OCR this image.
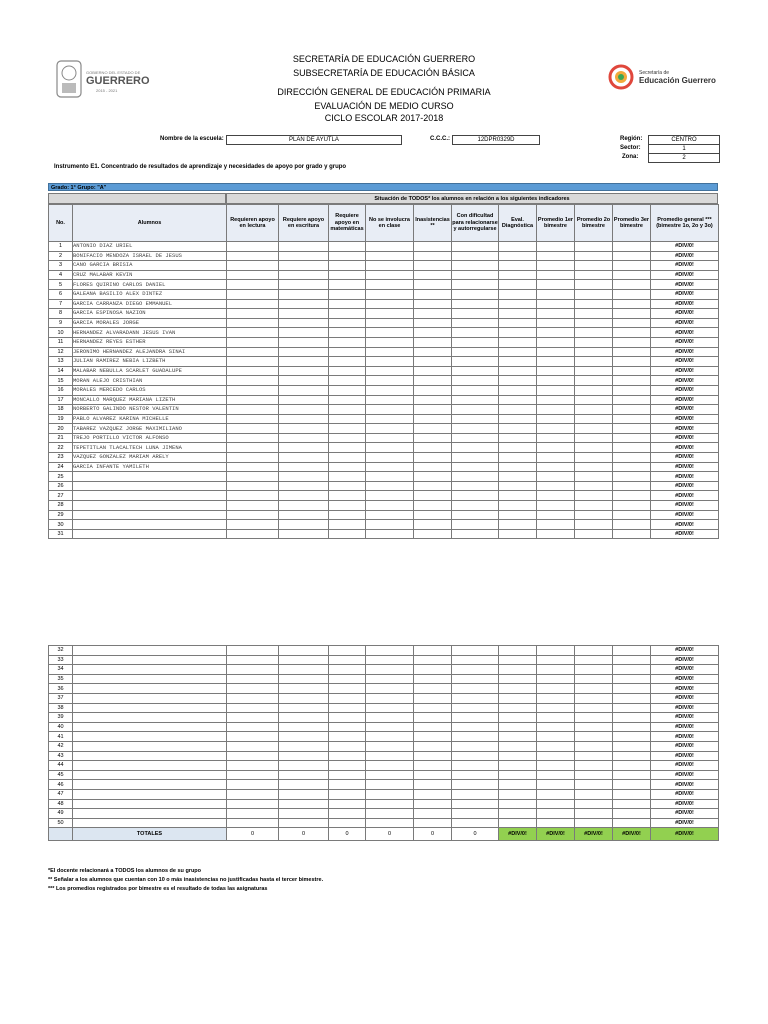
SECRETARÍA DE EDUCACIÓN GUERRERO
SUBSECRETARÍA DE EDUCACIÓN BÁSICA
DIRECCIÓN GENERAL DE EDUCACIÓN PRIMARIA
EVALUACIÓN DE MEDIO CURSO
CICLO ESCOLAR 2017-2018
GOBIERNO DEL ESTADO DE
GUERRERO
2015 - 2021
Secretaría de
Educación Guerrero
Nombre de la escuela:	PLAN DE AYUTLA	C.C.C.:	12DPR0329D	Región:	CENTRO
Sector:	1
Zona:	2
Instrumento E1. Concentrado de resultados de aprendizaje y necesidades de apoyo por grado y grupo
Grado: 1° Grupo: "A"
Situación de TODOS* los alumnos en relación a los siguientes indicadores
No.	Alumnos	Requieren apoyo en lectura	Requiere apoyo en escritura	Requiere apoyo en matemáticas	No se involucra en clase	Inasistencias **	Con dificultad para relacionarse y autorregularse	Eval. Diagnóstica	Promedio 1er bimestre	Promedio 2o bimestre	Promedio 3er bimestre	Promedio general *** (bimestre 1o, 2o y 3o)
1	ANTONIO DIAZ URIEL											#DIV/0!
2	BONIFACIO MENDOZA ISRAEL DE JESUS											#DIV/0!
3	CANO GARCIA BRISIA											#DIV/0!
4	CRUZ MALABAR KEVIN											#DIV/0!
5	FLORES QUIRINO CARLOS DANIEL											#DIV/0!
6	GALEANA BASILIO ALEX DINTEZ											#DIV/0!
7	GARCIA CARRANZA DIEGO EMMANUEL											#DIV/0!
8	GARCIA ESPINOSA NAZION											#DIV/0!
9	GARCIA MORALES JORGE											#DIV/0!
10	HERNANDEZ ALVARADANN JESUS IVAN											#DIV/0!
11	HERNANDEZ REYES ESTHER											#DIV/0!
12	JERONIMO HERNANDEZ ALEJANDRA SINAI											#DIV/0!
13	JULIAN RAMIREZ NEBIA LIZBETH											#DIV/0!
14	MALABAR NEBULLA SCARLET GUADALUPE											#DIV/0!
15	MORAN ALEJO CRISTHIAN											#DIV/0!
16	MORALES MERCEDO CARLOS											#DIV/0!
17	MONCALLO MARQUEZ MARIANA LIZETH											#DIV/0!
18	NORBERTO GALINDO NESTOR VALENTIN											#DIV/0!
19	PABLO ALVAREZ KARINA MICHELLE											#DIV/0!
20	TABAREZ VAZQUEZ JORGE MAXIMILIANO											#DIV/0!
21	TREJO PORTILLO VICTOR ALFONSO											#DIV/0!
22	TEPETITLAN TLACALTECH LUNA JIMENA											#DIV/0!
23	VAZQUEZ GONZALEZ MARIAM ARELY											#DIV/0!
24	GARCIA INFANTE YAMILETH											#DIV/0!
25												#DIV/0!
26												#DIV/0!
27												#DIV/0!
28												#DIV/0!
29												#DIV/0!
30												#DIV/0!
31												#DIV/0!
32												#DIV/0!
33												#DIV/0!
34												#DIV/0!
35												#DIV/0!
36												#DIV/0!
37												#DIV/0!
38												#DIV/0!
39												#DIV/0!
40												#DIV/0!
41												#DIV/0!
42												#DIV/0!
43												#DIV/0!
44												#DIV/0!
45												#DIV/0!
46												#DIV/0!
47												#DIV/0!
48												#DIV/0!
49												#DIV/0!
50												#DIV/0!
	TOTALES	0	0	0	0	0	0	#DIV/0!	#DIV/0!	#DIV/0!	#DIV/0!	#DIV/0!
*El docente relacionará a TODOS los alumnos de su grupo
** Señalar a los alumnos que cuentan con 10 o más inasistencias no justificadas hasta el tercer bimestre.
*** Los promedios registrados por bimestre es el resultado de todas las asignaturas
